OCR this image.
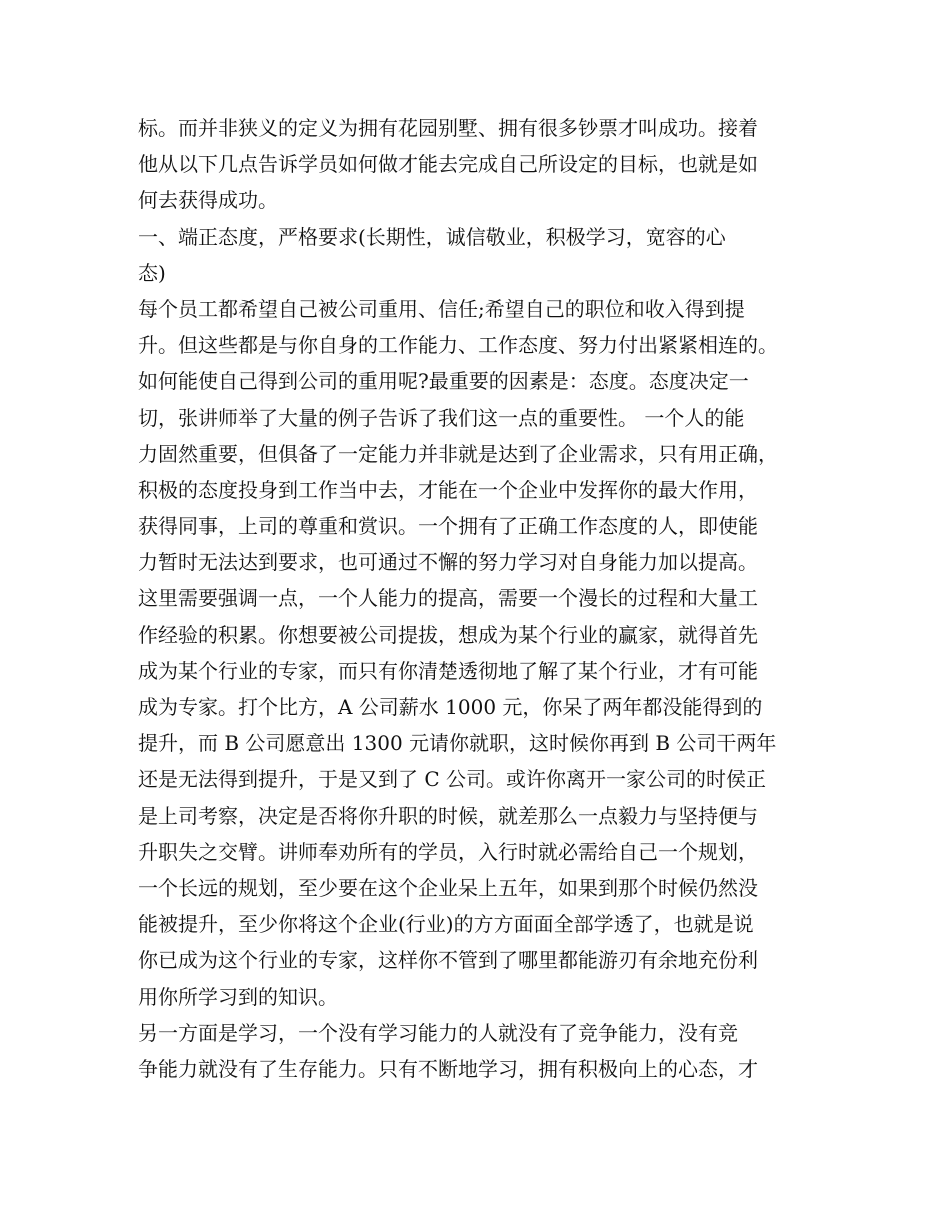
标。而并非狭义的定义为拥有花园别墅、拥有很多钞票才叫成功。接着
他从以下几点告诉学员如何做才能去完成自己所设定的目标，也就是如
何去获得成功。
一、端正态度，严格要求(长期性，诚信敬业，积极学习，宽容的心
态)
每个员工都希望自己被公司重用、信任;希望自己的职位和收入得到提
升。但这些都是与你自身的工作能力、工作态度、努力付出紧紧相连的。
如何能使自己得到公司的重用呢?最重要的因素是：态度。态度决定一
切，张讲师举了大量的例子告诉了我们这一点的重要性。 一个人的能
力固然重要，但俱备了一定能力并非就是达到了企业需求，只有用正确，
积极的态度投身到工作当中去，才能在一个企业中发挥你的最大作用，
获得同事，上司的尊重和赏识。一个拥有了正确工作态度的人，即使能
力暂时无法达到要求，也可通过不懈的努力学习对自身能力加以提高。
这里需要强调一点，一个人能力的提高，需要一个漫长的过程和大量工
作经验的积累。你想要被公司提拔，想成为某个行业的赢家，就得首先
成为某个行业的专家，而只有你清楚透彻地了解了某个行业，才有可能
成为专家。打个比方，A 公司薪水 1000 元，你呆了两年都没能得到的
提升，而 B 公司愿意出 1300 元请你就职，这时候你再到 B 公司干两年
还是无法得到提升，于是又到了 C 公司。或许你离开一家公司的时侯正
是上司考察，决定是否将你升职的时候，就差那么一点毅力与坚持便与
升职失之交臂。讲师奉劝所有的学员，入行时就必需给自己一个规划，
一个长远的规划，至少要在这个企业呆上五年，如果到那个时候仍然没
能被提升，至少你将这个企业(行业)的方方面面全部学透了，也就是说
你已成为这个行业的专家，这样你不管到了哪里都能游刃有余地充份利
用你所学习到的知识。
另一方面是学习，一个没有学习能力的人就没有了竞争能力，没有竞
争能力就没有了生存能力。只有不断地学习，拥有积极向上的心态，才
